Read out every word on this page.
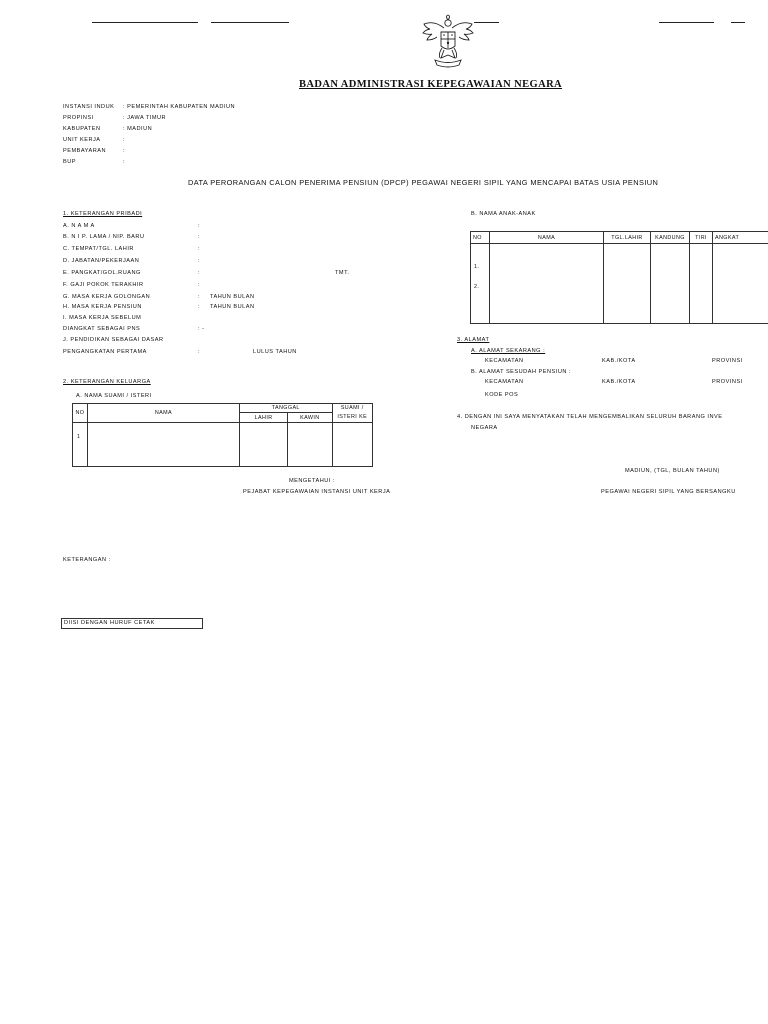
BADAN ADMINISTRASI KEPEGAWAIAN NEGARA
INSTANSI INDUK : PEMERINTAH KABUPATEN MADIUN
PROPINSI	: JAWA TIMUR
KABUPATEN	: MADIUN
UNIT KERJA	:
PEMBAYARAN	:
BUP	:
DATA PERORANGAN CALON PENERIMA PENSIUN (DPCP) PEGAWAI NEGERI SIPIL YANG MENCAPAI BATAS USIA PENSIUN
1. KETERANGAN PRIBADI
A. N A M A	:
B. N I P. LAMA / NIP. BARU	:
C. TEMPAT/TGL. LAHIR	:
D. JABATAN/PEKERJAAN	:
E. PANGKAT/GOL.RUANG	:	TMT.
F. GAJI POKOK TERAKHIR	:
G. MASA KERJA GOLONGAN	: TAHUN BULAN
H. MASA KERJA PENSIUN	: TAHUN BULAN
I. MASA KERJA SEBELUM
DIANGKAT SEBAGAI PNS	: -
J. PENDIDIKAN SEBAGAI DASAR
PENGANGKATAN PERTAMA	:	LULUS TAHUN
2. KETERANGAN KELUARGA
A. NAMA SUAMI / ISTERI
NO	NAMA	TANGGAL		SUAMI /
		LAHIR	KAWIN	ISTERI KE
1				
B. NAMA ANAK-ANAK
NO	NAMA	TGL.LAHIR	KANDUNG	TIRI	ANGKAT

1.
2.					

3. ALAMAT
A. ALAMAT SEKARANG :
KECAMATAN	KAB./KOTA	PROVINSI
B. ALAMAT SESUDAH PENSIUN :
KECAMATAN	KAB./KOTA	PROVINSI
KODE POS
4. DENGAN INI SAYA MENYATAKAN TELAH MENGEMBALIKAN SELURUH BARANG INVE
NEGARA
MADIUN, (TGL, BULAN TAHUN)
MENGETAHUI :
PEJABAT KEPEGAWAIAN INSTANSI UNIT KERJA	PEGAWAI NEGERI SIPIL YANG BERSANGKU
KETERANGAN :
DIISI DENGAN HURUF CETAK
